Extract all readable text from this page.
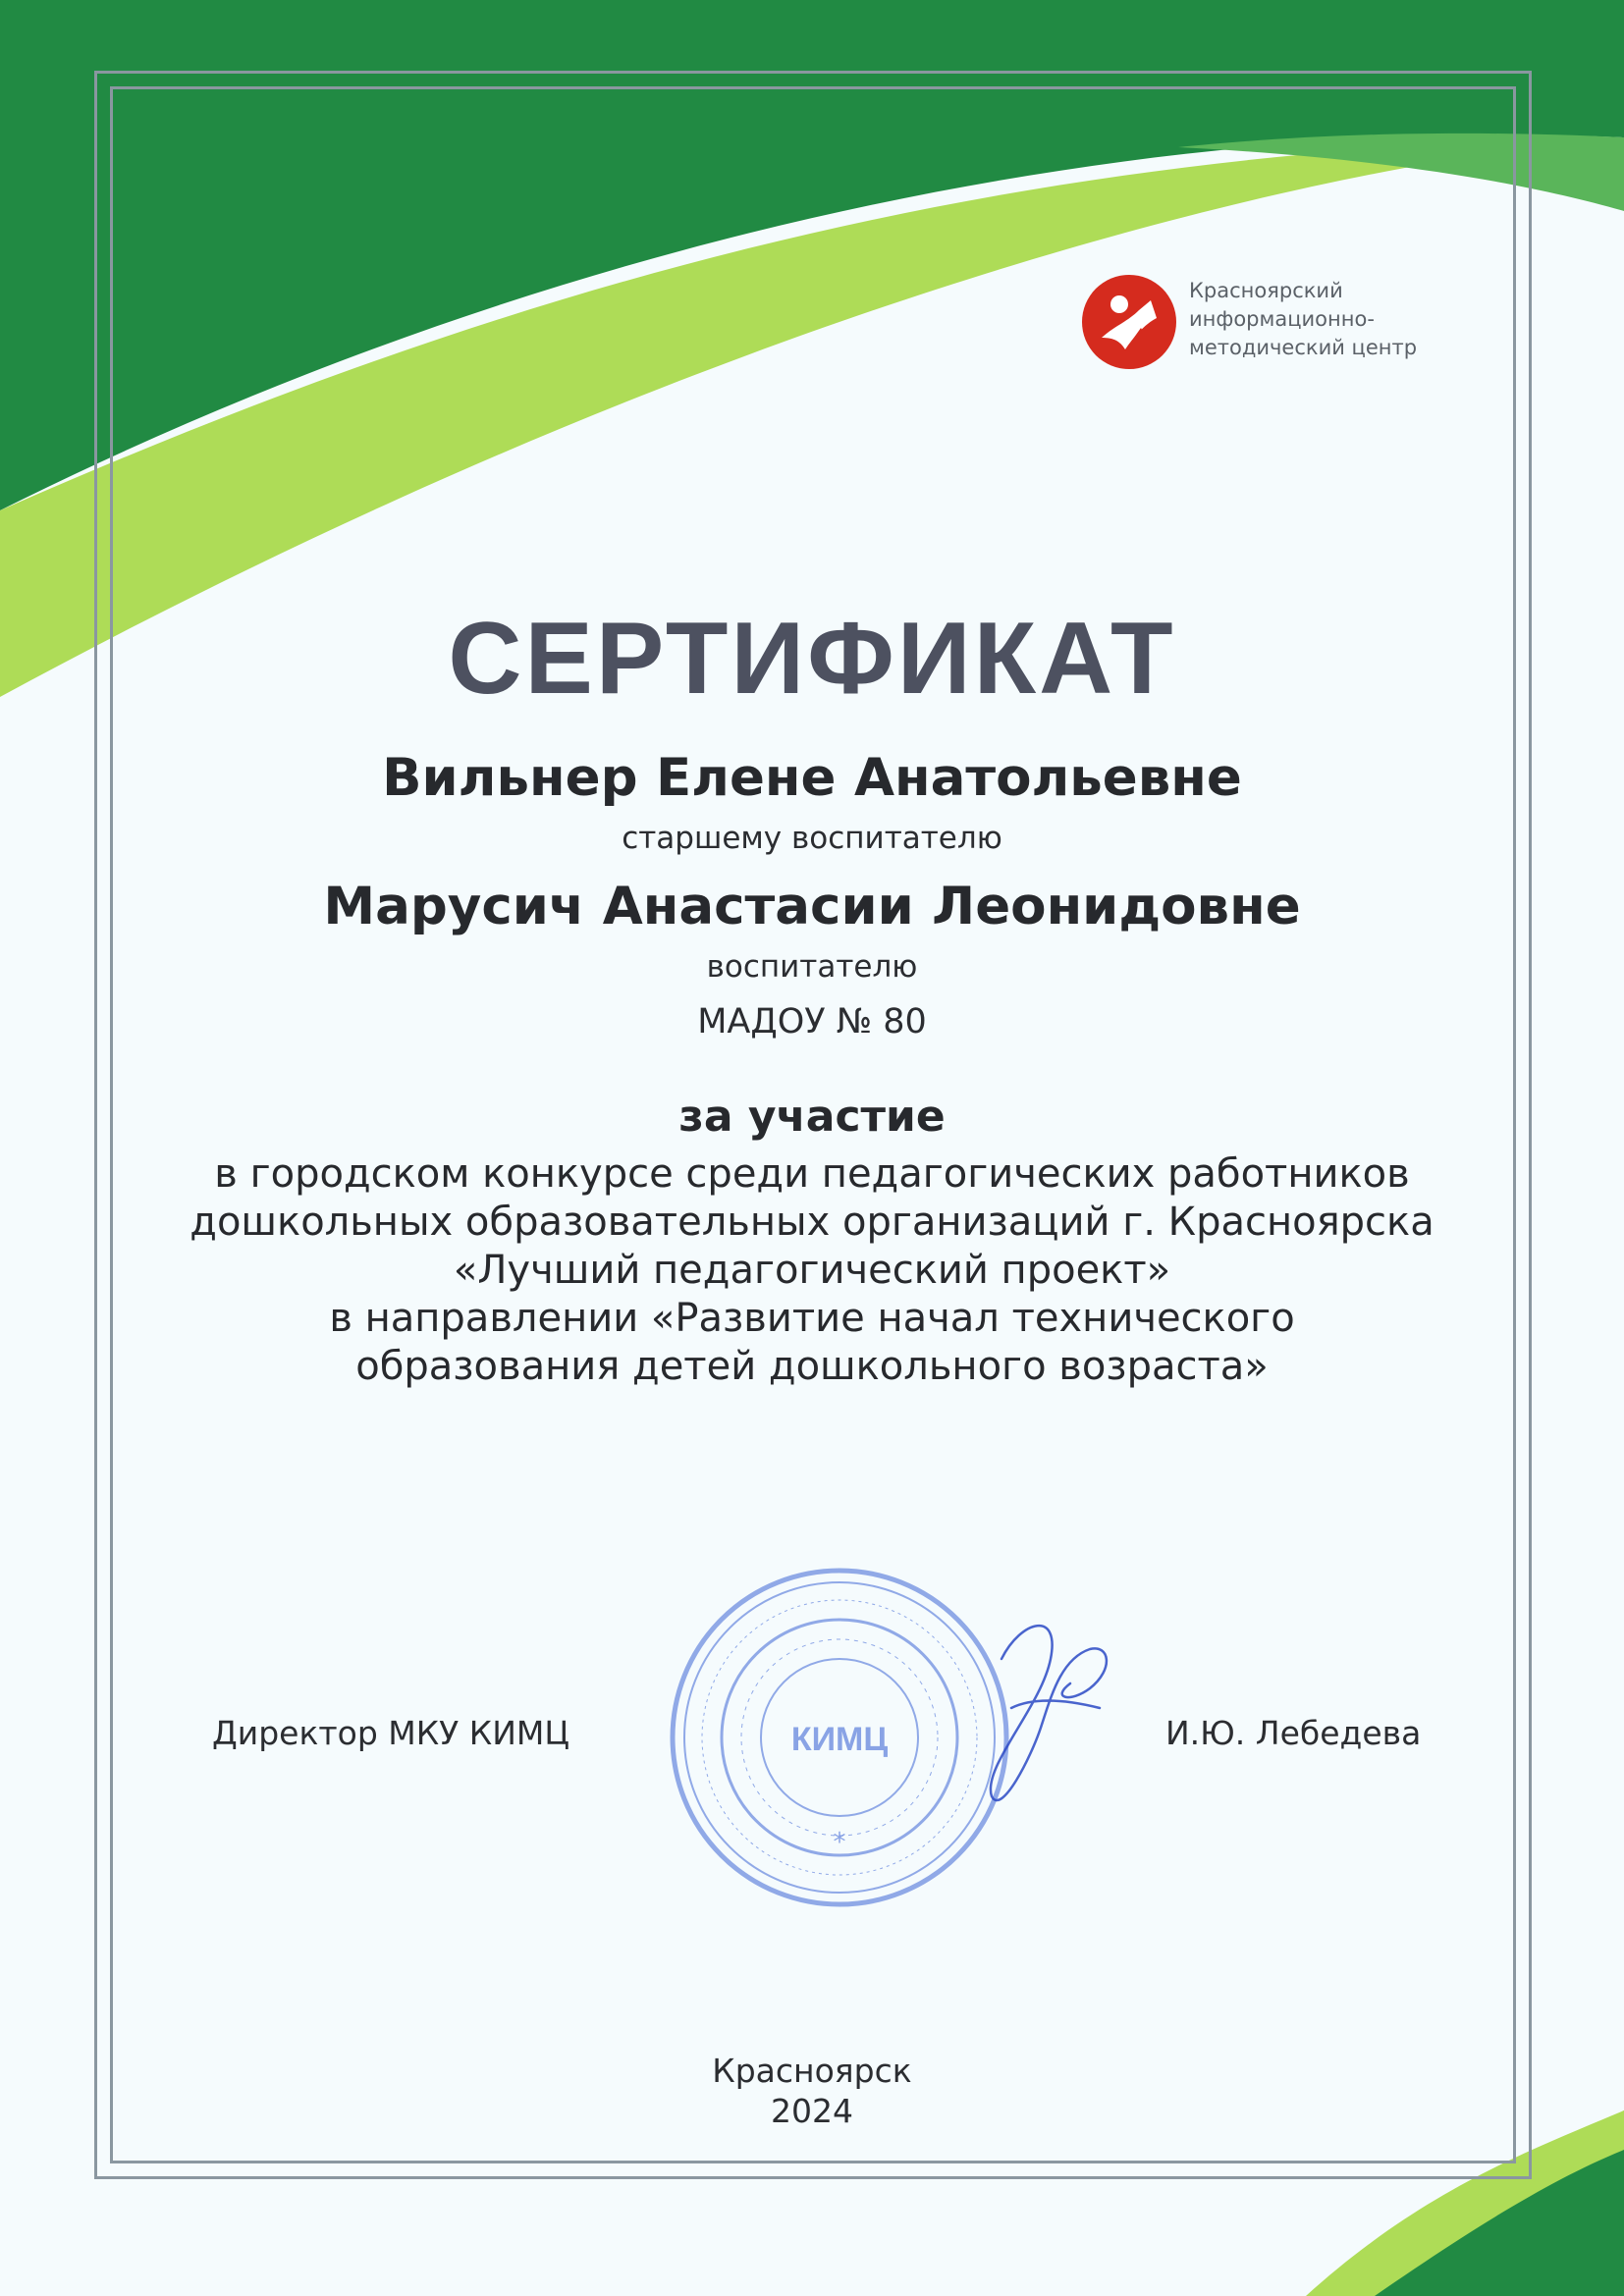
Красноярский
информационно-
методический центр
СЕРТИФИКАТ
Вильнер Елене Анатольевне
старшему воспитателю
Марусич Анастасии Леонидовне
воспитателю
МАДОУ № 80
за участие
в городском конкурсе среди педагогических работников
дошкольных образовательных организаций г. Красноярска
«Лучший педагогический проект»
в направлении «Развитие начал технического
образования детей дошкольного возраста»
КИМЦ
*
Директор МКУ КИМЦ	И.Ю. Лебедева
Красноярск
2024
